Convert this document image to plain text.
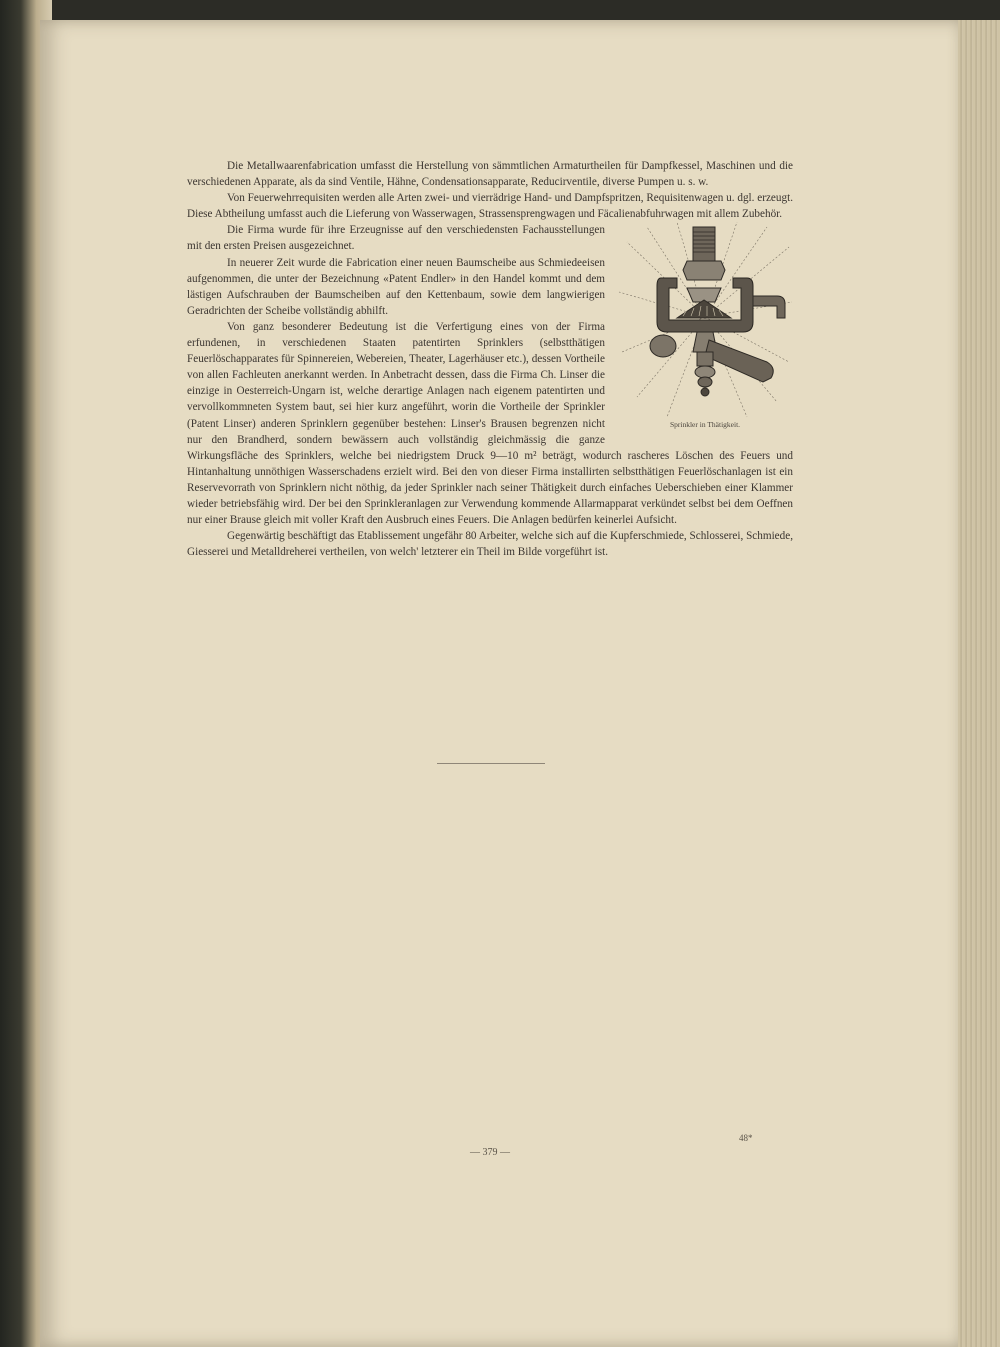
Die Metallwaarenfabrication umfasst die Herstellung von sämmtlichen Armaturtheilen für Dampfkessel, Maschinen und die verschiedenen Apparate, als da sind Ventile, Hähne, Condensationsapparate, Reducirventile, diverse Pumpen u. s. w.

Von Feuerwehrrequisiten werden alle Arten zwei- und vierrädrige Hand- und Dampfspritzen, Requisitenwagen u. dgl. erzeugt. Diese Abtheilung umfasst auch die Lieferung von Wasserwagen, Strassensprengwagen und Fäcalienabfuhrwagen mit allem Zubehör.

Sprinkler in Thätigkeit.

Die Firma wurde für ihre Erzeugnisse auf den verschiedensten Fachausstellungen mit den ersten Preisen ausgezeichnet.

In neuerer Zeit wurde die Fabrication einer neuen Baumscheibe aus Schmiedeeisen aufgenommen, die unter der Bezeichnung «Patent Endler» in den Handel kommt und dem lästigen Aufschrauben der Baumscheiben auf den Kettenbaum, sowie dem langwierigen Geradrichten der Scheibe vollständig abhilft.

Von ganz besonderer Bedeutung ist die Verfertigung eines von der Firma erfundenen, in verschiedenen Staaten patentirten Sprinklers (selbstthätigen Feuerlöschapparates für Spinnereien, Webereien, Theater, Lagerhäuser etc.), dessen Vortheile von allen Fachleuten anerkannt werden. In Anbetracht dessen, dass die Firma Ch. Linser die einzige in Oesterreich-Ungarn ist, welche derartige Anlagen nach eigenem patentirten und vervollkommneten System baut, sei hier kurz angeführt, worin die Vortheile der Sprinkler (Patent Linser) anderen Sprinklern gegenüber bestehen: Linser's Brausen begrenzen nicht nur den Brandherd, sondern bewässern auch vollständig gleichmässig die ganze Wirkungsfläche des Sprinklers, welche bei niedrigstem Druck 9—10 m² beträgt, wodurch rascheres Löschen des Feuers und Hintanhaltung unnöthigen Wasserschadens erzielt wird. Bei den von dieser Firma installirten selbstthätigen Feuerlöschanlagen ist ein Reservevorrath von Sprinklern nicht nöthig, da jeder Sprinkler nach seiner Thätigkeit durch einfaches Ueberschieben einer Klammer wieder betriebsfähig wird. Der bei den Sprinkleranlagen zur Verwendung kommende Allarmapparat verkündet selbst bei dem Oeffnen nur einer Brause gleich mit voller Kraft den Ausbruch eines Feuers. Die Anlagen bedürfen keinerlei Aufsicht.

Gegenwärtig beschäftigt das Etablissement ungefähr 80 Arbeiter, welche sich auf die Kupferschmiede, Schlosserei, Schmiede, Giesserei und Metalldreherei vertheilen, von welch' letzterer ein Theil im Bilde vorgeführt ist.

48*
— 379 —
